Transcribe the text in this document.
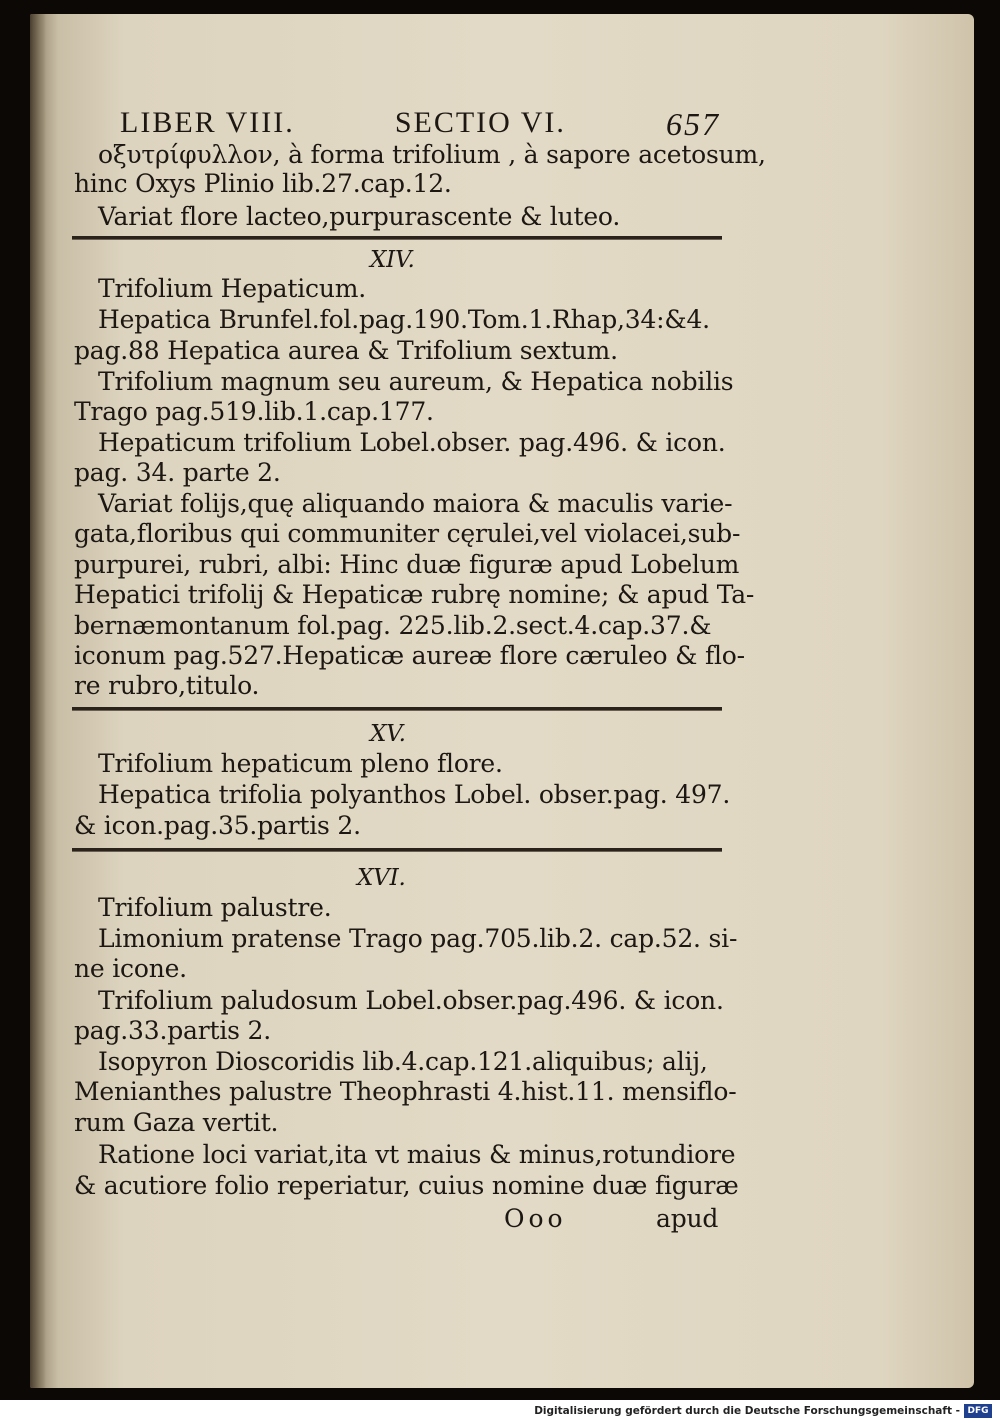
LIBER VIII.	SECTIO VI.	657
οξυτρίφυλλον, à forma trifolium , à sapore acetosum,
hinc Oxys Plinio lib.27.cap.12.
Variat flore lacteo,purpurascente & luteo.
XIV.
Trifolium Hepaticum.
Hepatica Brunfel.fol.pag.190.Tom.1.Rhap,34:&4.
pag.88 Hepatica aurea & Trifolium sextum.
Trifolium magnum seu aureum, & Hepatica nobilis
Trago pag.519.lib.1.cap.177.
Hepaticum trifolium Lobel.obser. pag.496. & icon.
pag. 34. parte 2.
Variat folijs,quę aliquando maiora & maculis varie-
gata,floribus qui communiter cęrulei,vel violacei,sub-
purpurei, rubri, albi: Hinc duæ figuræ apud Lobelum
Hepatici trifolij & Hepaticæ rubrę nomine; & apud Ta-
bernæmontanum fol.pag. 225.lib.2.sect.4.cap.37.&
iconum pag.527.Hepaticæ aureæ flore cæruleo & flo-
re rubro,titulo.
XV.
Trifolium hepaticum pleno flore.
Hepatica trifolia polyanthos Lobel. obser.pag. 497.
& icon.pag.35.partis 2.
XVI.
Trifolium palustre.
Limonium pratense Trago pag.705.lib.2. cap.52. si-
ne icone.
Trifolium paludosum Lobel.obser.pag.496. & icon.
pag.33.partis 2.
Isopyron Dioscoridis lib.4.cap.121.aliquibus; alij,
Menianthes palustre Theophrasti 4.hist.11. mensiflo-
rum Gaza vertit.
Ratione loci variat,ita vt maius & minus,rotundiore
& acutiore folio reperiatur, cuius nomine duæ figuræ
Ooo	apud
Digitalisierung gefördert durch die Deutsche Forschungsgemeinschaft - DFG
